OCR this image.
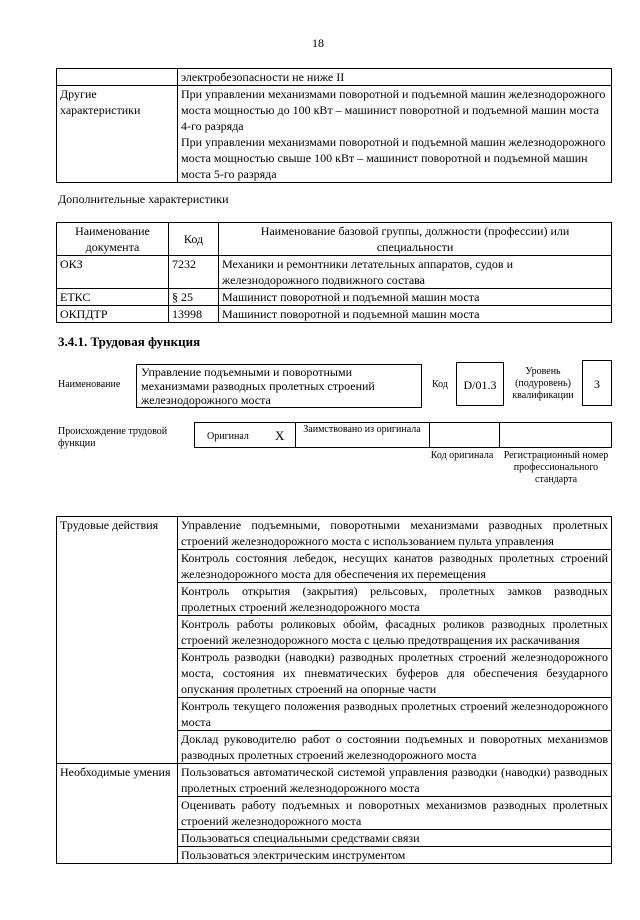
18
	электробезопасности не ниже II
Другие характеристики	При управлении механизмами поворотной и подъемной машин железнодорожного моста мощностью до 100 кВт – машинист поворотной и подъемной машин моста 4-го разряда
При управлении механизмами поворотной и подъемной машин железнодорожного моста мощностью свыше 100 кВт – машинист поворотной и подъемной машин моста 5-го разряда
Дополнительные характеристики
Наименование документа	Код	Наименование базовой группы, должности (профессии) или специальности
ОКЗ	7232	Механики и ремонтники летательных аппаратов, судов и железнодорожного подвижного состава
ЕТКС	§ 25	Машинист поворотной и подъемной машин моста
ОКПДТР	13998	Машинист поворотной и подъемной машин моста
3.4.1. Трудовая функция
Наименование
Управление подъемными и поворотными механизмами разводных пролетных строений железнодорожного моста
Код	D/01.3
Уровень (подуровень) квалификации
3
Происхождение трудовой функции
Оригинал X	Заимствовано из оригинала
Код оригинала	Регистрационный номер профессионального стандарта
Трудовые действия	Управление подъемными, поворотными механизмами разводных пролетных строений железнодорожного моста с использованием пульта управления
	Контроль состояния лебедок, несущих канатов разводных пролетных строений железнодорожного моста для обеспечения их перемещения
	Контроль открытия (закрытия) рельсовых, пролетных замков разводных пролетных строений железнодорожного моста
	Контроль работы роликовых обойм, фасадных роликов разводных пролетных строений железнодорожного моста с целью предотвращения их раскачивания
	Контроль разводки (наводки) разводных пролетных строений железнодорожного моста, состояния их пневматических буферов для обеспечения безударного опускания пролетных строений на опорные части
	Контроль текущего положения разводных пролетных строений железнодорожного моста
	Доклад руководителю работ о состоянии подъемных и поворотных механизмов разводных пролетных строений железнодорожного моста
Необходимые умения	Пользоваться автоматической системой управления разводки (наводки) разводных пролетных строений железнодорожного моста
	Оценивать работу подъемных и поворотных механизмов разводных пролетных строений железнодорожного моста
	Пользоваться специальными средствами связи
	Пользоваться электрическим инструментом
